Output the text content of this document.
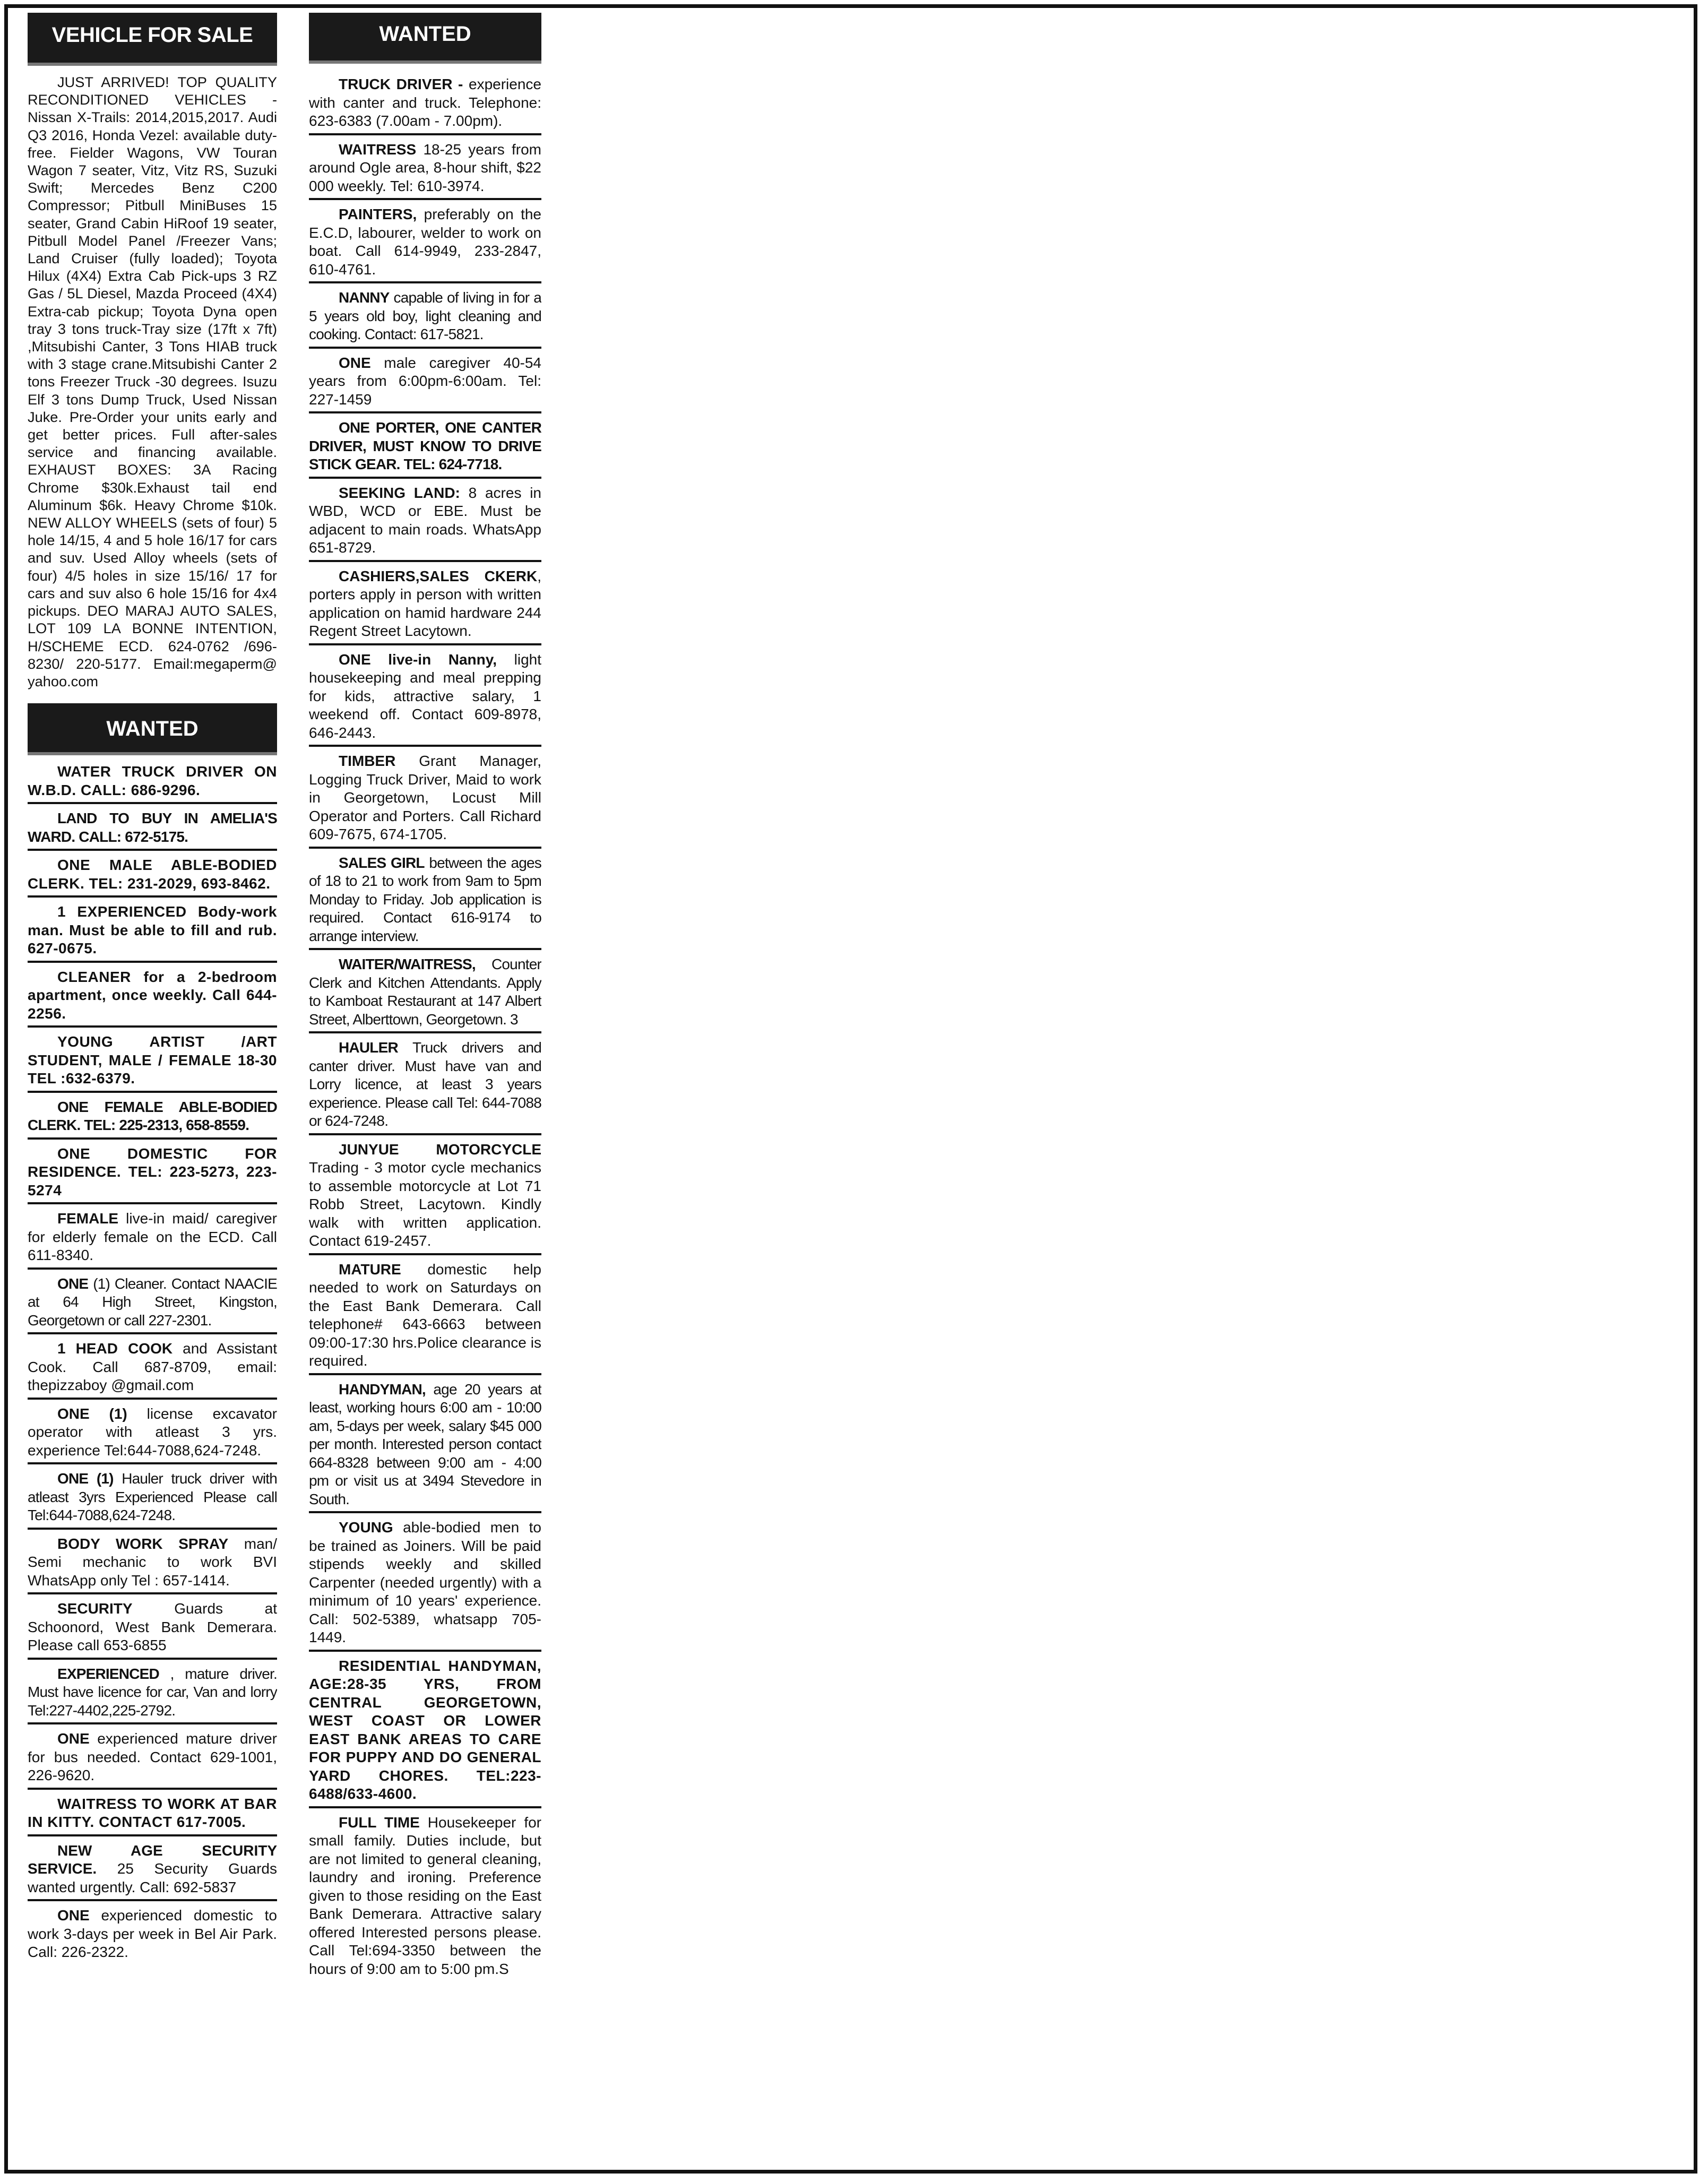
VEHICLE FOR SALE
JUST ARRIVED! TOP QUALITY RECONDITIONED VEHICLES - Nissan X-Trails: 2014,2015,2017. Audi Q3 2016, Honda Vezel: available duty-free. Fielder Wagons, VW Touran Wagon 7 seater, Vitz, Vitz RS, Suzuki Swift; Mercedes Benz C200 Compressor; Pitbull MiniBuses 15 seater, Grand Cabin HiRoof 19 seater, Pitbull Model Panel /Freezer Vans; Land Cruiser (fully loaded); Toyota Hilux (4X4) Extra Cab Pick-ups 3 RZ Gas / 5L Diesel, Mazda Proceed (4X4) Extra-cab pickup; Toyota Dyna open tray 3 tons truck-Tray size (17ft x 7ft) ,Mitsubishi Canter, 3 Tons HIAB truck with 3 stage crane.Mitsubishi Canter 2 tons Freezer Truck -30 degrees. Isuzu Elf 3 tons Dump Truck, Used Nissan Juke. Pre-Order your units early and get better prices. Full after-sales service and financing available. EXHAUST BOXES: 3A Racing Chrome $30k.Exhaust tail end Aluminum $6k. Heavy Chrome $10k. NEW ALLOY WHEELS (sets of four) 5 hole 14/15, 4 and 5 hole 16/17 for cars and suv. Used Alloy wheels (sets of four) 4/5 holes in size 15/16/ 17 for cars and suv also 6 hole 15/16 for 4x4 pickups. DEO MARAJ AUTO SALES, LOT 109 LA BONNE INTENTION, H/SCHEME ECD. 624-0762 /696-8230/ 220-5177. Email:megaperm@ yahoo.com
WANTED
WATER TRUCK DRIVER ON W.B.D. CALL: 686-9296.
LAND TO BUY IN AMELIA'S WARD. CALL: 672-5175.
ONE MALE ABLE-BODIED CLERK. TEL: 231-2029, 693-8462.
1 EXPERIENCED Body-work man. Must be able to fill and rub. 627-0675.
CLEANER for a 2-bedroom apartment, once weekly. Call 644-2256.
YOUNG ARTIST /ART STUDENT, MALE / FEMALE 18-30 TEL :632-6379.
ONE FEMALE ABLE-BODIED CLERK. TEL: 225-2313, 658-8559.
ONE DOMESTIC FOR RESIDENCE. TEL: 223-5273, 223-5274
FEMALE live-in maid/ caregiver for elderly female on the ECD. Call 611-8340.
ONE (1) Cleaner. Contact NAACIE at 64 High Street, Kingston, Georgetown or call 227-2301.
1 HEAD COOK and Assistant Cook. Call 687-8709, email: thepizzaboy @gmail.com
ONE (1) license excavator operator with atleast 3 yrs. experience Tel:644-7088,624-7248.
ONE (1) Hauler truck driver with atleast 3yrs Experienced Please call Tel:644-7088,624-7248.
BODY WORK SPRAY man/ Semi mechanic to work BVI WhatsApp only Tel : 657-1414.
SECURITY Guards at Schoonord, West Bank Demerara. Please call 653-6855
EXPERIENCED , mature driver. Must have licence for car, Van and lorry Tel:227-4402,225-2792.
ONE experienced mature driver for bus needed. Contact 629-1001, 226-9620.
WAITRESS TO WORK AT BAR IN KITTY. CONTACT 617-7005.
NEW AGE SECURITY SERVICE. 25 Security Guards wanted urgently. Call: 692-5837
ONE experienced domestic to work 3-days per week in Bel Air Park. Call: 226-2322.
WANTED
TRUCK DRIVER - experience with canter and truck. Telephone: 623-6383 (7.00am - 7.00pm).
WAITRESS 18-25 years from around Ogle area, 8-hour shift, $22 000 weekly. Tel: 610-3974.
PAINTERS, preferably on the E.C.D, labourer, welder to work on boat. Call 614-9949, 233-2847, 610-4761.
NANNY capable of living in for a 5 years old boy, light cleaning and cooking. Contact: 617-5821.
ONE male caregiver 40-54 years from 6:00pm-6:00am. Tel: 227-1459
ONE PORTER, ONE CANTER DRIVER, MUST KNOW TO DRIVE STICK GEAR. TEL: 624-7718.
SEEKING LAND: 8 acres in WBD, WCD or EBE. Must be adjacent to main roads. WhatsApp 651-8729.
CASHIERS,SALES CKERK, porters apply in person with written application on hamid hardware 244 Regent Street Lacytown.
ONE live-in Nanny, light housekeeping and meal prepping for kids, attractive salary, 1 weekend off. Contact 609-8978, 646-2443.
TIMBER Grant Manager, Logging Truck Driver, Maid to work in Georgetown, Locust Mill Operator and Porters. Call Richard 609-7675, 674-1705.
SALES GIRL between the ages of 18 to 21 to work from 9am to 5pm Monday to Friday. Job application is required. Contact 616-9174 to arrange interview.
WAITER/WAITRESS, Counter Clerk and Kitchen Attendants. Apply to Kamboat Restaurant at 147 Albert Street, Alberttown, Georgetown. 3
HAULER Truck drivers and canter driver. Must have van and Lorry licence, at least 3 years experience. Please call Tel: 644-7088 or 624-7248.
JUNYUE MOTORCYCLE Trading - 3 motor cycle mechanics to assemble motorcycle at Lot 71 Robb Street, Lacytown. Kindly walk with written application. Contact 619-2457.
MATURE domestic help needed to work on Saturdays on the East Bank Demerara. Call telephone# 643-6663 between 09:00-17:30 hrs.Police clearance is required.
HANDYMAN, age 20 years at least, working hours 6:00 am - 10:00 am, 5-days per week, salary $45 000 per month. Interested person contact 664-8328 between 9:00 am - 4:00 pm or visit us at 3494 Stevedore in South.
YOUNG able-bodied men to be trained as Joiners. Will be paid stipends weekly and skilled Carpenter (needed urgently) with a minimum of 10 years' experience. Call: 502-5389, whatsapp 705-1449.
RESIDENTIAL HANDYMAN, AGE:28-35 YRS, FROM CENTRAL GEORGETOWN, WEST COAST OR LOWER EAST BANK AREAS TO CARE FOR PUPPY AND DO GENERAL YARD CHORES. TEL:223-6488/633-4600.
FULL TIME Housekeeper for small family. Duties include, but are not limited to general cleaning, laundry and ironing. Preference given to those residing on the East Bank Demerara. Attractive salary offered Interested persons please. Call Tel:694-3350 between the hours of 9:00 am to 5:00 pm.S
